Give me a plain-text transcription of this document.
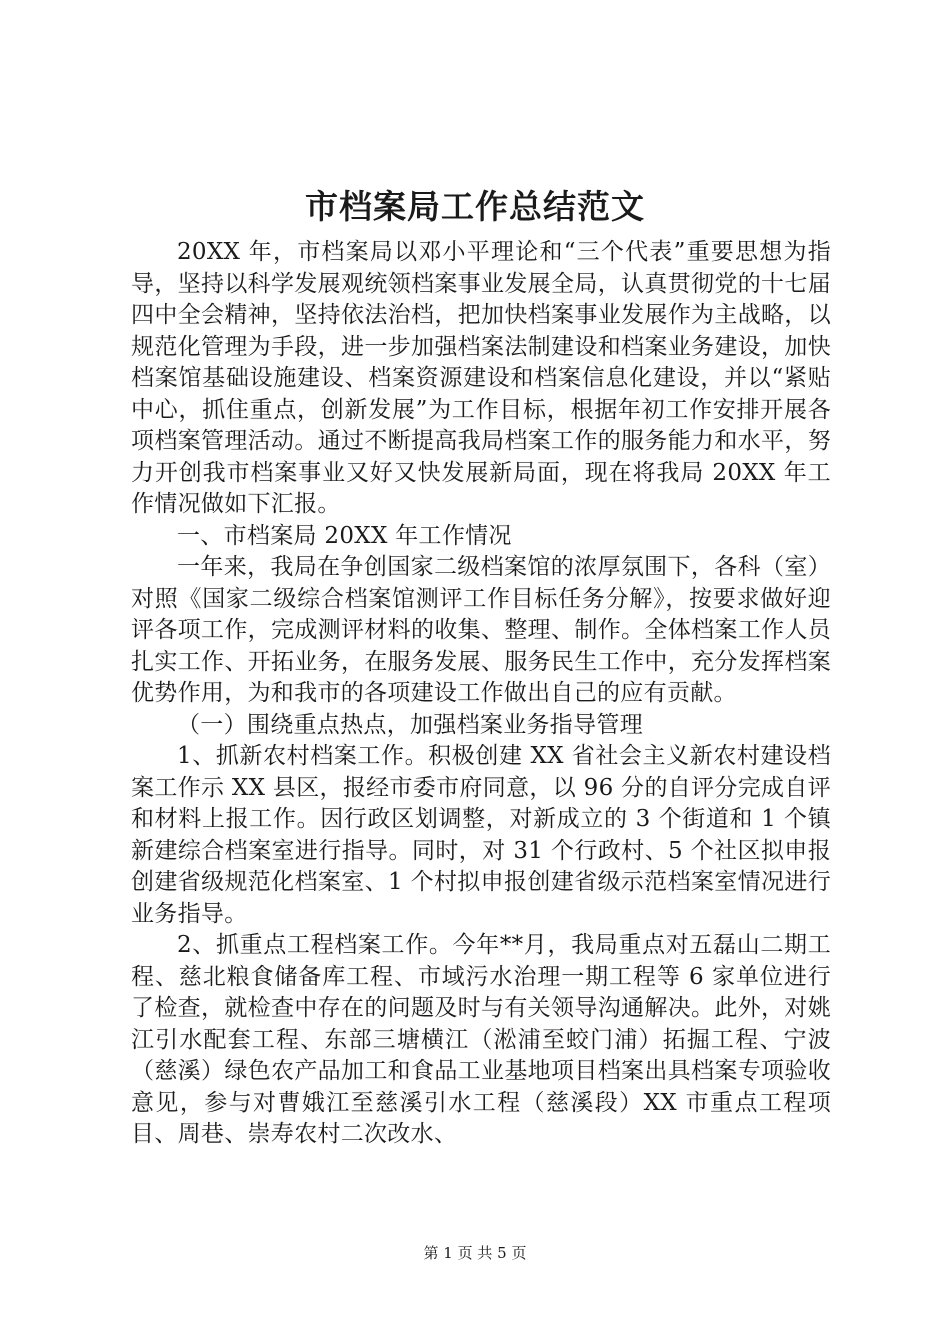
市档案局工作总结范文

20XX 年，市档案局以邓小平理论和“三个代表”重要思想为指导，坚持以科学发展观统领档案事业发展全局，认真贯彻党的十七届四中全会精神，坚持依法治档，把加快档案事业发展作为主战略，以规范化管理为手段，进一步加强档案法制建设和档案业务建设，加快档案馆基础设施建设、档案资源建设和档案信息化建设，并以“紧贴中心，抓住重点，创新发展”为工作目标，根据年初工作安排开展各项档案管理活动。通过不断提高我局档案工作的服务能力和水平，努力开创我市档案事业又好又快发展新局面，现在将我局 20XX 年工作情况做如下汇报。

一、市档案局 20XX 年工作情况

一年来，我局在争创国家二级档案馆的浓厚氛围下，各科（室）对照《国家二级综合档案馆测评工作目标任务分解》，按要求做好迎评各项工作，完成测评材料的收集、整理、制作。全体档案工作人员扎实工作、开拓业务，在服务发展、服务民生工作中，充分发挥档案优势作用，为和我市的各项建设工作做出自己的应有贡献。

（一）围绕重点热点，加强档案业务指导管理

1、抓新农村档案工作。积极创建 XX 省社会主义新农村建设档案工作示 XX 县区，报经市委市府同意，以 96 分的自评分完成自评和材料上报工作。因行政区划调整，对新成立的 3 个街道和 1 个镇新建综合档案室进行指导。同时，对 31 个行政村、5 个社区拟申报创建省级规范化档案室、1 个村拟申报创建省级示范档案室情况进行业务指导。

2、抓重点工程档案工作。今年**月，我局重点对五磊山二期工程、慈北粮食储备库工程、市域污水治理一期工程等 6 家单位进行了检查，就检查中存在的问题及时与有关领导沟通解决。此外，对姚江引水配套工程、东部三塘横江（淞浦至蛟门浦）拓掘工程、宁波（慈溪）绿色农产品加工和食品工业基地项目档案出具档案专项验收意见，参与对曹娥江至慈溪引水工程（慈溪段）XX 市重点工程项目、周巷、崇寿农村二次改水、

第 1 页 共 5 页
